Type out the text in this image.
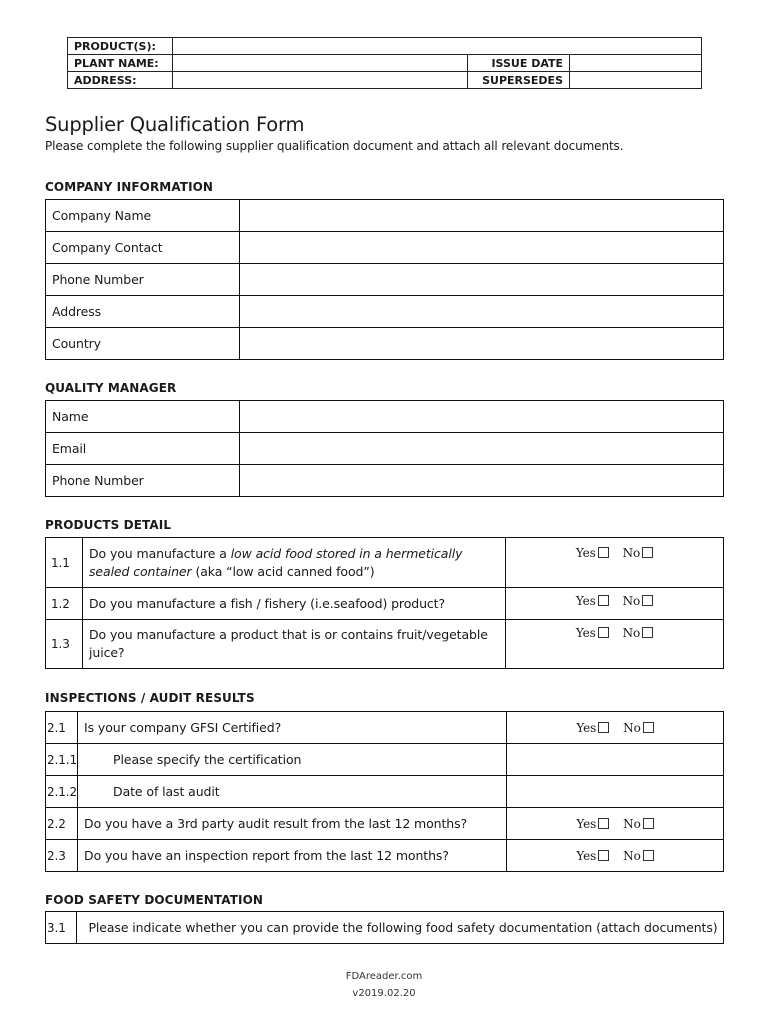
PRODUCT(S):			
PLANT NAME:		ISSUE DATE	
ADDRESS:		SUPERSEDES	
Supplier Qualification Form
Please complete the following supplier qualification document and attach all relevant documents.
COMPANY INFORMATION
Company Name	
Company Contact	
Phone Number	
Address	
Country	
QUALITY MANAGER
Name	
Email	
Phone Number	
PRODUCTS DETAIL
1.1	Do you manufacture a low acid food stored in a hermetically sealed container (aka “low acid canned food”)	Yes No
1.2	Do you manufacture a fish / fishery (i.e.seafood) product?	Yes No
1.3	Do you manufacture a product that is or contains fruit/vegetable juice?	Yes No
INSPECTIONS / AUDIT RESULTS
2.1	Is your company GFSI Certified?	Yes No
2.1.1	Please specify the certification	
2.1.2	Date of last audit	
2.2	Do you have a 3rd party audit result from the last 12 months?	Yes No
2.3	Do you have an inspection report from the last 12 months?	Yes No
FOOD SAFETY DOCUMENTATION
3.1	Please indicate whether you can provide the following food safety documentation (attach documents)
FDAreader.com
v2019.02.20
